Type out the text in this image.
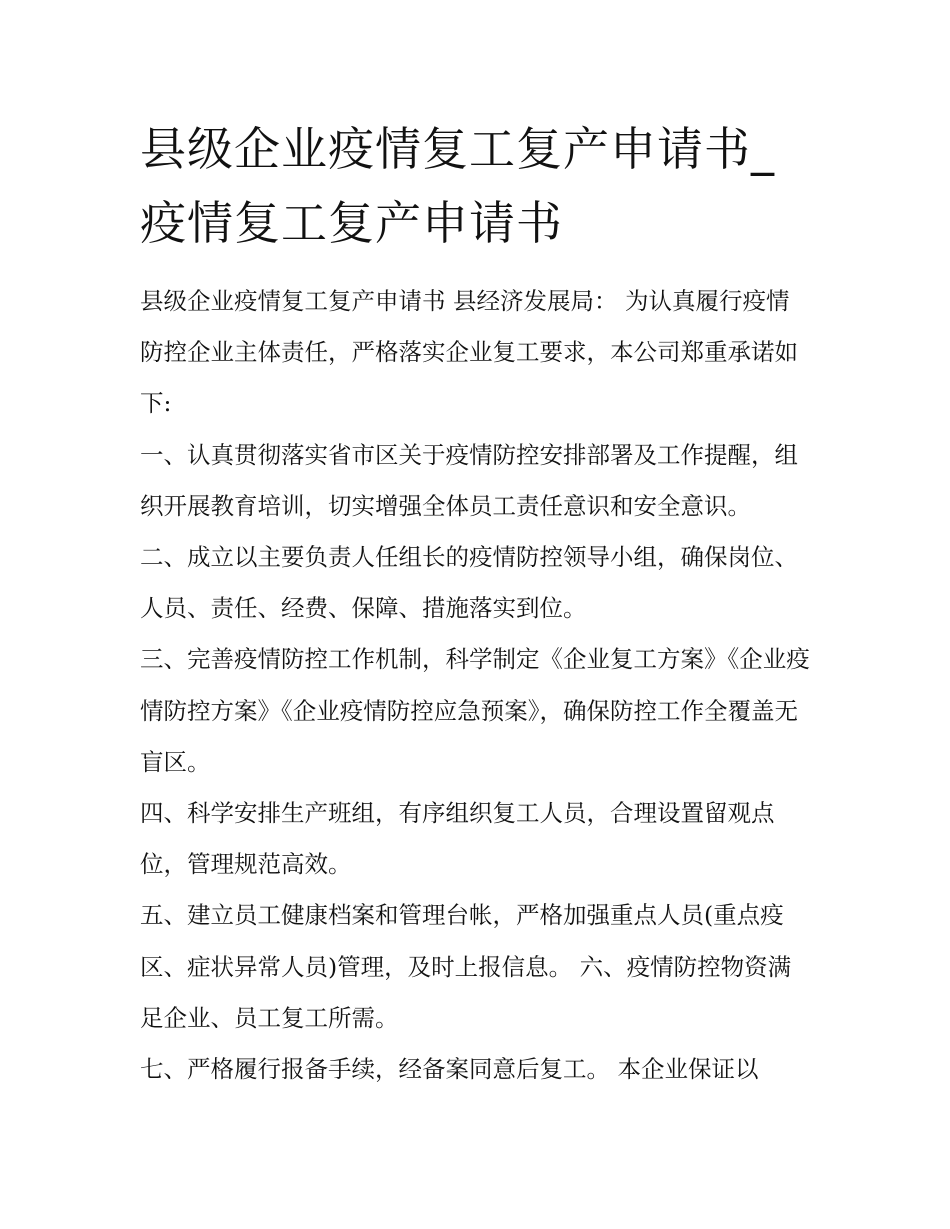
县级企业疫情复工复产申请书_
疫情复工复产申请书

县级企业疫情复工复产申请书 县经济发展局： 为认真履行疫情防控企业主体责任，严格落实企业复工要求，本公司郑重承诺如下:

一、认真贯彻落实省市区关于疫情防控安排部署及工作提醒，组织开展教育培训，切实增强全体员工责任意识和安全意识。

二、成立以主要负责人任组长的疫情防控领导小组，确保岗位、人员、责任、经费、保障、措施落实到位。

三、完善疫情防控工作机制，科学制定《企业复工方案》《企业疫情防控方案》《企业疫情防控应急预案》，确保防控工作全覆盖无盲区。

四、科学安排生产班组，有序组织复工人员，合理设置留观点位，管理规范高效。

五、建立员工健康档案和管理台帐，严格加强重点人员(重点疫区、症状异常人员)管理，及时上报信息。 六、疫情防控物资满足企业、员工复工所需。

七、严格履行报备手续，经备案同意后复工。 本企业保证以
